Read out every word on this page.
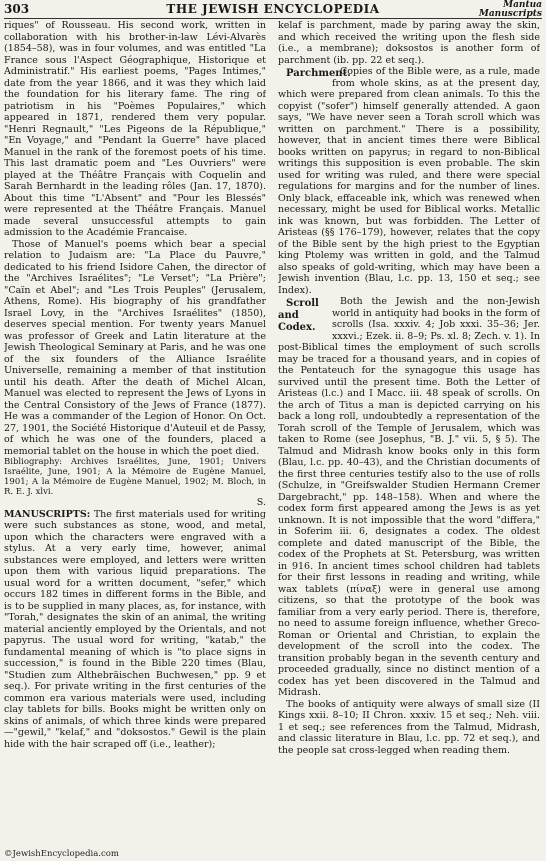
303	THE JEWISH ENCYCLOPEDIA	Mantua
Manuscripts

riques" of Rousseau. His second work, written in collaboration with his brother-in-law Lévi-Alvarès (1854–58), was in four volumes, and was entitled "La France sous l'Aspect Géographique, Historique et Administratif." His earliest poems, "Pages Intimes," date from the year 1866, and it was they which laid the foundation for his literary fame. The ring of patriotism in his "Poèmes Populaires," which appeared in 1871, rendered them very popular. "Henri Regnault," "Les Pigeons de la République," "En Voyage," and "Pendant la Guerre" have placed Manuel in the rank of the foremost poets of his time. This last dramatic poem and "Les Ouvriers" were played at the Théâtre Français with Coquelin and Sarah Bernhardt in the leading rôles (Jan. 17, 1870). About this time "L'Absent" and "Pour les Blessés" were represented at the Théâtre Français. Manuel made several unsuccessful attempts to gain admission to the Académie Francaise.

Those of Manuel's poems which bear a special relation to Judaism are: "La Place du Pauvre," dedicated to his friend Isidore Cahen, the director of the "Archives Israélites"; "Le Verset"; "La Prière"; "Caïn et Abel"; and "Les Trois Peuples" (Jerusalem, Athens, Rome). His biography of his grandfather Israel Lovy, in the "Archives Israélites" (1850), deserves special mention. For twenty years Manuel was professor of Greek and Latin literature at the Jewish Theological Seminary at Paris, and he was one of the six founders of the Alliance Israélite Universelle, remaining a member of that institution until his death. After the death of Michel Alcan, Manuel was elected to represent the Jews of Lyons in the Central Consistory of the Jews of France (1877). He was a commander of the Legion of Honor. On Oct. 27, 1901, the Société Historique d'Auteuil et de Passy, of which he was one of the founders, placed a memorial tablet on the house in which the poet died.

Bibliography: Archives Israélites, June, 1901; Univers Israélite, June, 1901; A la Mémoire de Eugène Manuel, 1901; A la Mémoire de Eugène Manuel, 1902; M. Bloch, in R. E. J. xlvi.

S.

MANUSCRIPTS: The first materials used for writing were such substances as stone, wood, and metal, upon which the characters were engraved with a stylus. At a very early time, however, animal substances were employed, and letters were written upon them with various liquid preparations. The usual word for a written document, "sefer," which occurs 182 times in different forms in the Bible, and is to be supplied in many places, as, for instance, with "Torah," designates the skin of an animal, the writing material anciently employed by the Orientals, and not papyrus. The usual word for writing, "katab," the fundamental meaning of which is "to place signs in succession," is found in the Bible 220 times (Blau, "Studien zum Althebräischen Buchwesen," pp. 9 et seq.). For private writing in the first centuries of the common era various materials were used, including clay tablets for bills. Books might be written only on skins of animals, of which three kinds were prepared —"gewil," "kelaf," and "doksostos." Gewil is the plain hide with the hair scraped off (i.e., leather);

kelaf is parchment, made by paring away the skin, and which received the writing upon the flesh side (i.e., a membrane); doksostos is another form of parchment (ib. pp. 22 et seq.).

Parchment.
Copies of the Bible were, as a rule, made from whole skins, as at the present day, which were prepared from clean animals. To this the copyist ("sofer") himself generally attended. A gaon says, "We have never seen a Torah scroll which was written on parchment." There is a possibility, however, that in ancient times there were Biblical books written on papyrus; in regard to non-Biblical writings this supposition is even probable. The skin used for writing was ruled, and there were special regulations for margins and for the number of lines. Only black, effaceable ink, which was renewed when necessary, might be used for Biblical works. Metallic ink was known, but was forbidden. The Letter of Aristeas (§§ 176–179), however, relates that the copy of the Bible sent by the high priest to the Egyptian king Ptolemy was written in gold, and the Talmud also speaks of gold-writing, which may have been a Jewish invention (Blau, l.c. pp. 13, 150 et seq.; see Index).

Scroll and Codex.
Both the Jewish and the non-Jewish world in antiquity had books in the form of scrolls (Isa. xxxiv. 4; Job xxxi. 35–36; Jer. xxxvi.; Ezek. ii. 8–9; Ps. xl. 8; Zech. v. 1). In post-Biblical times the employment of such scrolls may be traced for a thousand years, and in copies of the Pentateuch for the synagogue this usage has survived until the present time. Both the Letter of Aristeas (l.c.) and I Macc. iii. 48 speak of scrolls. On the arch of Titus a man is depicted carrying on his back a long roll, undoubtedly a representation of the Torah scroll of the Temple of Jerusalem, which was taken to Rome (see Josephus, "B. J." vii. 5, § 5). The Talmud and Midrash know books only in this form (Blau, l.c. pp. 40–43), and the Christian documents of the first three centuries testify also to the use of rolls (Schulze, in "Greifswalder Studien Hermann Cremer Dargebracht," pp. 148–158). When and where the codex form first appeared among the Jews is as yet unknown. It is not impossible that the word "differa," in Soferim iii. 6, designates a codex. The oldest complete and dated manuscript of the Bible, the codex of the Prophets at St. Petersburg, was written in 916. In ancient times school children had tablets for their first lessons in reading and writing, while wax tablets (πίναξ) were in general use among citizens, so that the prototype of the book was familiar from a very early period. There is, therefore, no need to assume foreign influence, whether Greco-Roman or Oriental and Christian, to explain the development of the scroll into the codex. The transition probably began in the seventh century and proceeded gradually, since no distinct mention of a codex has yet been discovered in the Talmud and Midrash.

The books of antiquity were always of small size (II Kings xxii. 8–10; II Chron. xxxiv. 15 et seq.; Neh. viii. 1 et seq.; see references from the Talmud, Midrash, and classic literature in Blau, l.c. pp. 72 et seq.), and the people sat cross-legged when reading them.

©JewishEncyclopedia.com
